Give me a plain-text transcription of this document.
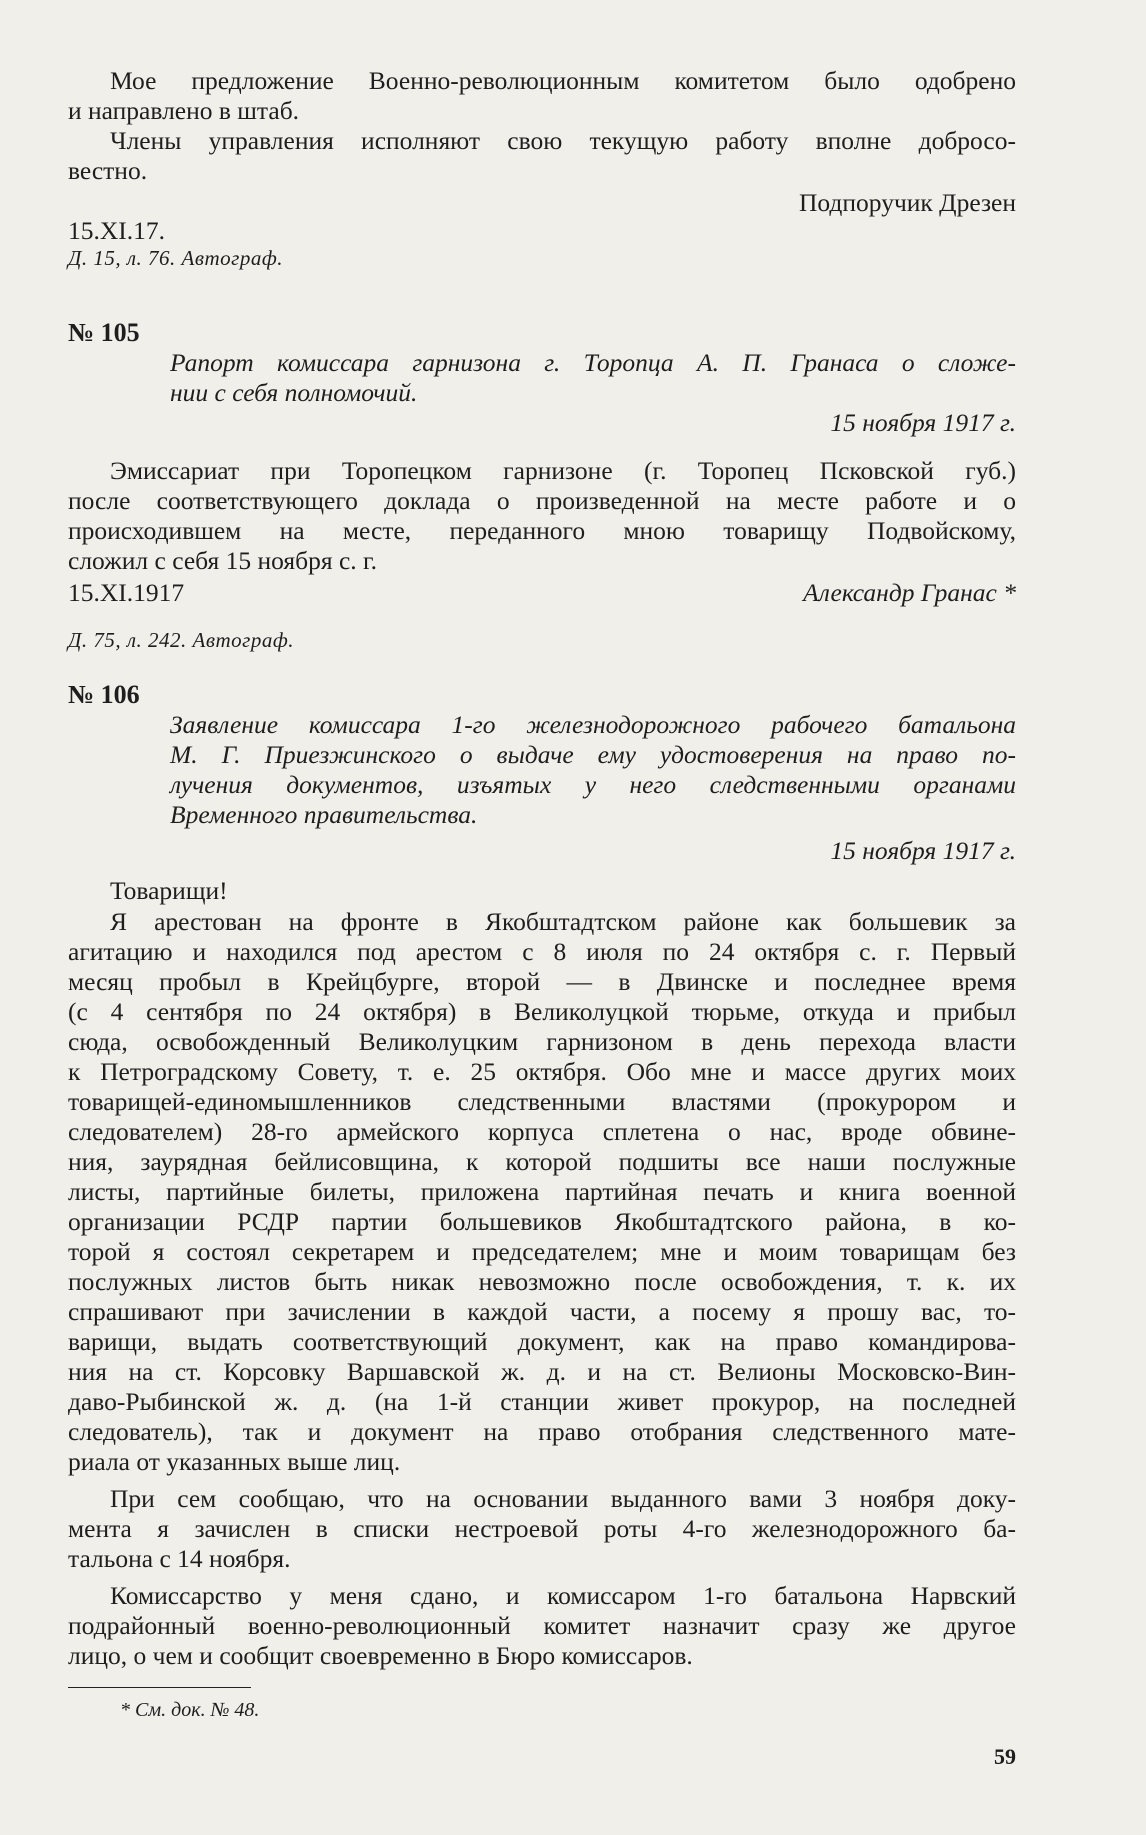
Мое предложение Военно-революционным комитетом было одобрено
и направлено в штаб.
Члены управления исполняют свою текущую работу вполне добросо-
вестно.
Подпоручик Дрезен
15.XI.17.
Д. 15, л. 76. Автограф.
№ 105
Рапорт комиссара гарнизона г. Торопца А. П. Гранаса о сложе-
нии с себя полномочий.
15 ноября 1917 г.
Эмиссариат при Торопецком гарнизоне (г. Торопец Псковской губ.)
после соответствующего доклада о произведенной на месте работе и о
происходившем на месте, переданного мною товарищу Подвойскому,
сложил с себя 15 ноября с. г.
15.XI.1917	Александр Гранас *
Д. 75, л. 242. Автограф.
№ 106
Заявление комиссара 1-го железнодорожного рабочего батальона
М. Г. Приезжинского о выдаче ему удостоверения на право по-
лучения документов, изъятых у него следственными органами
Временного правительства.
15 ноября 1917 г.
Товарищи!
Я арестован на фронте в Якобштадтском районе как большевик за
агитацию и находился под арестом с 8 июля по 24 октября с. г. Первый
месяц пробыл в Крейцбурге, второй — в Двинске и последнее время
(с 4 сентября по 24 октября) в Великолуцкой тюрьме, откуда и прибыл
сюда, освобожденный Великолуцким гарнизоном в день перехода власти
к Петроградскому Совету, т. е. 25 октября. Обо мне и массе других моих
товарищей-единомышленников следственными властями (прокурором и
следователем) 28-го армейского корпуса сплетена о нас, вроде обвине-
ния, заурядная бейлисовщина, к которой подшиты все наши послужные
листы, партийные билеты, приложена партийная печать и книга военной
организации РСДР партии большевиков Якобштадтского района, в ко-
торой я состоял секретарем и председателем; мне и моим товарищам без
послужных листов быть никак невозможно после освобождения, т. к. их
спрашивают при зачислении в каждой части, а посему я прошу вас, то-
варищи, выдать соответствующий документ, как на право командирова-
ния на ст. Корсовку Варшавской ж. д. и на ст. Велионы Московско-Вин-
даво-Рыбинской ж. д. (на 1-й станции живет прокурор, на последней
следователь), так и документ на право отобрания следственного мате-
риала от указанных выше лиц.
При сем сообщаю, что на основании выданного вами 3 ноября доку-
мента я зачислен в списки нестроевой роты 4-го железнодорожного ба-
тальона с 14 ноября.
Комиссарство у меня сдано, и комиссаром 1-го батальона Нарвский
подрайонный военно-революционный комитет назначит сразу же другое
лицо, о чем и сообщит своевременно в Бюро комиссаров.
* См. док. № 48.
59
